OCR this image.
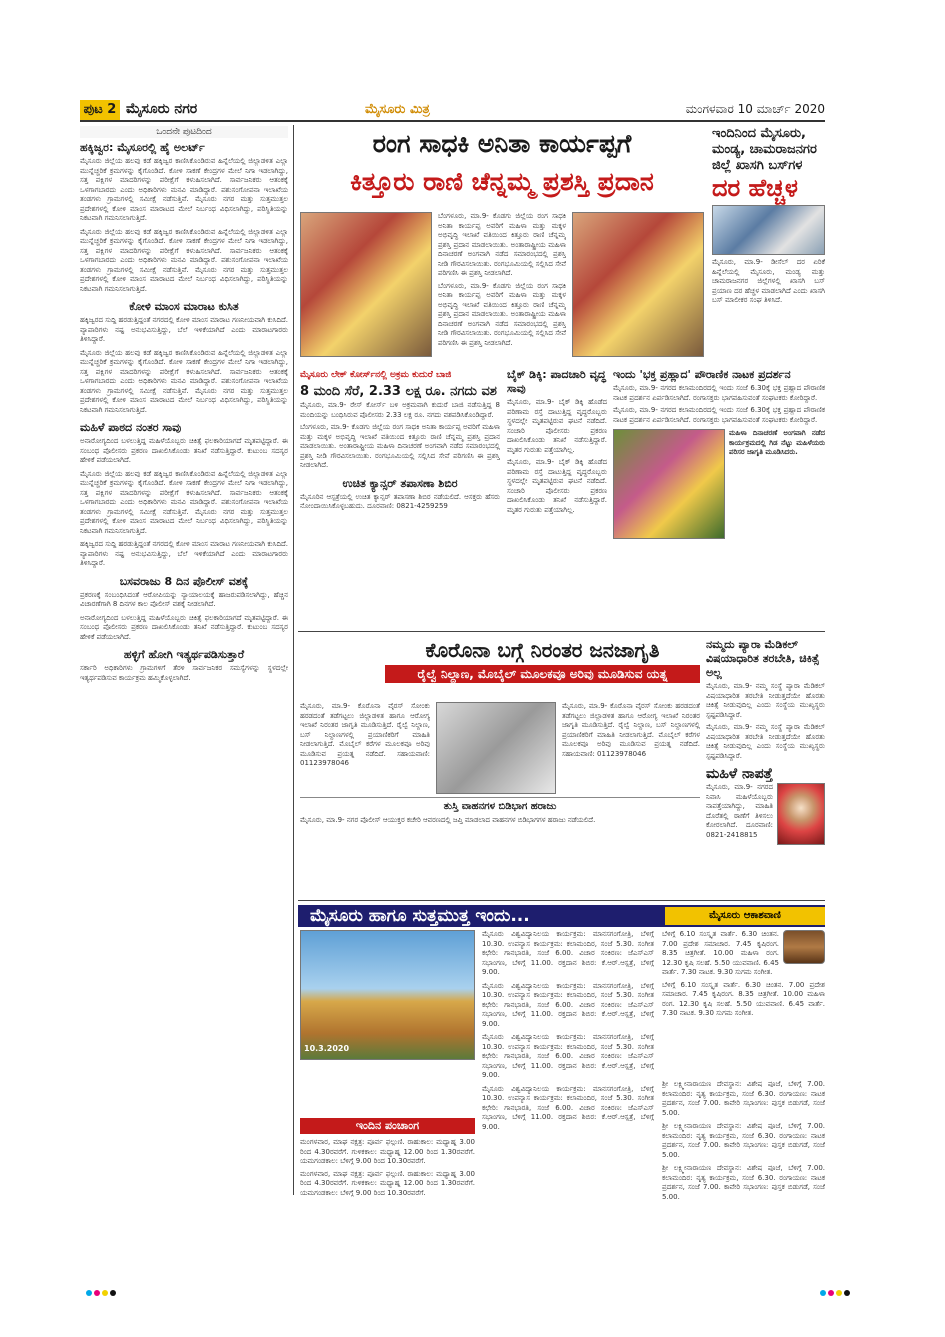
ಪುಟ 2 ಮೈಸೂರು ನಗರ	ಮೈಸೂರು ಮಿತ್ರ	ಮಂಗಳವಾರ 10 ಮಾರ್ಚ್ 2020
ಒಂದನೇ ಪುಟದಿಂದ
ಹಕ್ಕಿಜ್ವರ: ಮೈಸೂರಲ್ಲಿ ಹೈ ಅಲರ್ಟ್
ಮೈಸೂರು ಜಿಲ್ಲೆಯ ಹಲವು ಕಡೆ ಹಕ್ಕಿಜ್ವರ ಕಾಣಿಸಿಕೊಂಡಿರುವ ಹಿನ್ನೆಲೆಯಲ್ಲಿ ಜಿಲ್ಲಾಡಳಿತ ಎಲ್ಲಾ ಮುನ್ನೆಚ್ಚರಿಕೆ ಕ್ರಮಗಳನ್ನು ಕೈಗೊಂಡಿದೆ. ಕೋಳಿ ಸಾಕಣೆ ಕೇಂದ್ರಗಳ ಮೇಲೆ ನಿಗಾ ಇಡಲಾಗಿದ್ದು, ಸತ್ತ ಪಕ್ಷಿಗಳ ಮಾದರಿಗಳನ್ನು ಪರೀಕ್ಷೆಗೆ ಕಳುಹಿಸಲಾಗಿದೆ. ಸಾರ್ವಜನಿಕರು ಆತಂಕಕ್ಕೆ ಒಳಗಾಗಬಾರದು ಎಂದು ಅಧಿಕಾರಿಗಳು ಮನವಿ ಮಾಡಿದ್ದಾರೆ. ಪಶುಸಂಗೋಪನಾ ಇಲಾಖೆಯ ತಂಡಗಳು ಗ್ರಾಮಗಳಲ್ಲಿ ಸಮೀಕ್ಷೆ ನಡೆಸುತ್ತಿವೆ. ಮೈಸೂರು ನಗರ ಮತ್ತು ಸುತ್ತಮುತ್ತಲ ಪ್ರದೇಶಗಳಲ್ಲಿ ಕೋಳಿ ಮಾಂಸ ಮಾರಾಟದ ಮೇಲೆ ನಿರ್ಬಂಧ ವಿಧಿಸಲಾಗಿದ್ದು, ಪರಿಸ್ಥಿತಿಯನ್ನು ನಿಕಟವಾಗಿ ಗಮನಿಸಲಾಗುತ್ತಿದೆ.
ಮೈಸೂರು ಜಿಲ್ಲೆಯ ಹಲವು ಕಡೆ ಹಕ್ಕಿಜ್ವರ ಕಾಣಿಸಿಕೊಂಡಿರುವ ಹಿನ್ನೆಲೆಯಲ್ಲಿ ಜಿಲ್ಲಾಡಳಿತ ಎಲ್ಲಾ ಮುನ್ನೆಚ್ಚರಿಕೆ ಕ್ರಮಗಳನ್ನು ಕೈಗೊಂಡಿದೆ. ಕೋಳಿ ಸಾಕಣೆ ಕೇಂದ್ರಗಳ ಮೇಲೆ ನಿಗಾ ಇಡಲಾಗಿದ್ದು, ಸತ್ತ ಪಕ್ಷಿಗಳ ಮಾದರಿಗಳನ್ನು ಪರೀಕ್ಷೆಗೆ ಕಳುಹಿಸಲಾಗಿದೆ. ಸಾರ್ವಜನಿಕರು ಆತಂಕಕ್ಕೆ ಒಳಗಾಗಬಾರದು ಎಂದು ಅಧಿಕಾರಿಗಳು ಮನವಿ ಮಾಡಿದ್ದಾರೆ. ಪಶುಸಂಗೋಪನಾ ಇಲಾಖೆಯ ತಂಡಗಳು ಗ್ರಾಮಗಳಲ್ಲಿ ಸಮೀಕ್ಷೆ ನಡೆಸುತ್ತಿವೆ. ಮೈಸೂರು ನಗರ ಮತ್ತು ಸುತ್ತಮುತ್ತಲ ಪ್ರದೇಶಗಳಲ್ಲಿ ಕೋಳಿ ಮಾಂಸ ಮಾರಾಟದ ಮೇಲೆ ನಿರ್ಬಂಧ ವಿಧಿಸಲಾಗಿದ್ದು, ಪರಿಸ್ಥಿತಿಯನ್ನು ನಿಕಟವಾಗಿ ಗಮನಿಸಲಾಗುತ್ತಿದೆ.
ಕೋಳಿ ಮಾಂಸ ಮಾರಾಟ ಕುಸಿತ
ಹಕ್ಕಿಜ್ವರದ ಸುದ್ದಿ ಹರಡುತ್ತಿದ್ದಂತೆ ನಗರದಲ್ಲಿ ಕೋಳಿ ಮಾಂಸ ಮಾರಾಟ ಗಣನೀಯವಾಗಿ ಕುಸಿದಿದೆ. ವ್ಯಾಪಾರಿಗಳು ನಷ್ಟ ಅನುಭವಿಸುತ್ತಿದ್ದು, ಬೆಲೆ ಇಳಿಕೆಯಾಗಿದೆ ಎಂದು ಮಾರಾಟಗಾರರು ತಿಳಿಸಿದ್ದಾರೆ.
ಮೈಸೂರು ಜಿಲ್ಲೆಯ ಹಲವು ಕಡೆ ಹಕ್ಕಿಜ್ವರ ಕಾಣಿಸಿಕೊಂಡಿರುವ ಹಿನ್ನೆಲೆಯಲ್ಲಿ ಜಿಲ್ಲಾಡಳಿತ ಎಲ್ಲಾ ಮುನ್ನೆಚ್ಚರಿಕೆ ಕ್ರಮಗಳನ್ನು ಕೈಗೊಂಡಿದೆ. ಕೋಳಿ ಸಾಕಣೆ ಕೇಂದ್ರಗಳ ಮೇಲೆ ನಿಗಾ ಇಡಲಾಗಿದ್ದು, ಸತ್ತ ಪಕ್ಷಿಗಳ ಮಾದರಿಗಳನ್ನು ಪರೀಕ್ಷೆಗೆ ಕಳುಹಿಸಲಾಗಿದೆ. ಸಾರ್ವಜನಿಕರು ಆತಂಕಕ್ಕೆ ಒಳಗಾಗಬಾರದು ಎಂದು ಅಧಿಕಾರಿಗಳು ಮನವಿ ಮಾಡಿದ್ದಾರೆ. ಪಶುಸಂಗೋಪನಾ ಇಲಾಖೆಯ ತಂಡಗಳು ಗ್ರಾಮಗಳಲ್ಲಿ ಸಮೀಕ್ಷೆ ನಡೆಸುತ್ತಿವೆ. ಮೈಸೂರು ನಗರ ಮತ್ತು ಸುತ್ತಮುತ್ತಲ ಪ್ರದೇಶಗಳಲ್ಲಿ ಕೋಳಿ ಮಾಂಸ ಮಾರಾಟದ ಮೇಲೆ ನಿರ್ಬಂಧ ವಿಧಿಸಲಾಗಿದ್ದು, ಪರಿಸ್ಥಿತಿಯನ್ನು ನಿಕಟವಾಗಿ ಗಮನಿಸಲಾಗುತ್ತಿದೆ.
ಮಹಿಳೆ ಪಾಠದ ನಂತರ ಸಾವು
ಅನಾರೋಗ್ಯದಿಂದ ಬಳಲುತ್ತಿದ್ದ ಮಹಿಳೆಯೊಬ್ಬರು ಚಿಕಿತ್ಸೆ ಫಲಕಾರಿಯಾಗದೆ ಮೃತಪಟ್ಟಿದ್ದಾರೆ. ಈ ಸಂಬಂಧ ಪೊಲೀಸರು ಪ್ರಕರಣ ದಾಖಲಿಸಿಕೊಂಡು ತನಿಖೆ ನಡೆಸುತ್ತಿದ್ದಾರೆ. ಕುಟುಂಬ ಸದಸ್ಯರ ಹೇಳಿಕೆ ಪಡೆಯಲಾಗಿದೆ.
ಮೈಸೂರು ಜಿಲ್ಲೆಯ ಹಲವು ಕಡೆ ಹಕ್ಕಿಜ್ವರ ಕಾಣಿಸಿಕೊಂಡಿರುವ ಹಿನ್ನೆಲೆಯಲ್ಲಿ ಜಿಲ್ಲಾಡಳಿತ ಎಲ್ಲಾ ಮುನ್ನೆಚ್ಚರಿಕೆ ಕ್ರಮಗಳನ್ನು ಕೈಗೊಂಡಿದೆ. ಕೋಳಿ ಸಾಕಣೆ ಕೇಂದ್ರಗಳ ಮೇಲೆ ನಿಗಾ ಇಡಲಾಗಿದ್ದು, ಸತ್ತ ಪಕ್ಷಿಗಳ ಮಾದರಿಗಳನ್ನು ಪರೀಕ್ಷೆಗೆ ಕಳುಹಿಸಲಾಗಿದೆ. ಸಾರ್ವಜನಿಕರು ಆತಂಕಕ್ಕೆ ಒಳಗಾಗಬಾರದು ಎಂದು ಅಧಿಕಾರಿಗಳು ಮನವಿ ಮಾಡಿದ್ದಾರೆ. ಪಶುಸಂಗೋಪನಾ ಇಲಾಖೆಯ ತಂಡಗಳು ಗ್ರಾಮಗಳಲ್ಲಿ ಸಮೀಕ್ಷೆ ನಡೆಸುತ್ತಿವೆ. ಮೈಸೂರು ನಗರ ಮತ್ತು ಸುತ್ತಮುತ್ತಲ ಪ್ರದೇಶಗಳಲ್ಲಿ ಕೋಳಿ ಮಾಂಸ ಮಾರಾಟದ ಮೇಲೆ ನಿರ್ಬಂಧ ವಿಧಿಸಲಾಗಿದ್ದು, ಪರಿಸ್ಥಿತಿಯನ್ನು ನಿಕಟವಾಗಿ ಗಮನಿಸಲಾಗುತ್ತಿದೆ.
ಹಕ್ಕಿಜ್ವರದ ಸುದ್ದಿ ಹರಡುತ್ತಿದ್ದಂತೆ ನಗರದಲ್ಲಿ ಕೋಳಿ ಮಾಂಸ ಮಾರಾಟ ಗಣನೀಯವಾಗಿ ಕುಸಿದಿದೆ. ವ್ಯಾಪಾರಿಗಳು ನಷ್ಟ ಅನುಭವಿಸುತ್ತಿದ್ದು, ಬೆಲೆ ಇಳಿಕೆಯಾಗಿದೆ ಎಂದು ಮಾರಾಟಗಾರರು ತಿಳಿಸಿದ್ದಾರೆ.
ಬಸವರಾಜು 8 ದಿನ ಪೊಲೀಸ್ ವಶಕ್ಕೆ
ಪ್ರಕರಣಕ್ಕೆ ಸಂಬಂಧಿಸಿದಂತೆ ಆರೋಪಿಯನ್ನು ನ್ಯಾಯಾಲಯಕ್ಕೆ ಹಾಜರುಪಡಿಸಲಾಗಿದ್ದು, ಹೆಚ್ಚಿನ ವಿಚಾರಣೆಗಾಗಿ 8 ದಿನಗಳ ಕಾಲ ಪೊಲೀಸ್ ವಶಕ್ಕೆ ನೀಡಲಾಗಿದೆ.
ಅನಾರೋಗ್ಯದಿಂದ ಬಳಲುತ್ತಿದ್ದ ಮಹಿಳೆಯೊಬ್ಬರು ಚಿಕಿತ್ಸೆ ಫಲಕಾರಿಯಾಗದೆ ಮೃತಪಟ್ಟಿದ್ದಾರೆ. ಈ ಸಂಬಂಧ ಪೊಲೀಸರು ಪ್ರಕರಣ ದಾಖಲಿಸಿಕೊಂಡು ತನಿಖೆ ನಡೆಸುತ್ತಿದ್ದಾರೆ. ಕುಟುಂಬ ಸದಸ್ಯರ ಹೇಳಿಕೆ ಪಡೆಯಲಾಗಿದೆ.
ಹಳ್ಳಿಗೆ ಹೋಗಿ ಇತ್ಯರ್ಥಪಡಿಸುತ್ತಾರೆ
ಸರ್ಕಾರಿ ಅಧಿಕಾರಿಗಳು ಗ್ರಾಮಗಳಿಗೆ ತೆರಳಿ ಸಾರ್ವಜನಿಕರ ಸಮಸ್ಯೆಗಳನ್ನು ಸ್ಥಳದಲ್ಲೇ ಇತ್ಯರ್ಥಪಡಿಸುವ ಕಾರ್ಯಕ್ರಮ ಹಮ್ಮಿಕೊಳ್ಳಲಾಗಿದೆ.
ರಂಗ ಸಾಧಕಿ ಅನಿತಾ ಕಾರ್ಯಪ್ಪಗೆ
ಕಿತ್ತೂರು ರಾಣಿ ಚೆನ್ನಮ್ಮ ಪ್ರಶಸ್ತಿ ಪ್ರದಾನ
ಬೆಂಗಳೂರು, ಮಾ.9- ಕೊಡಗು ಜಿಲ್ಲೆಯ ರಂಗ ಸಾಧಕಿ ಅನಿತಾ ಕಾರ್ಯಪ್ಪ ಅವರಿಗೆ ಮಹಿಳಾ ಮತ್ತು ಮಕ್ಕಳ ಅಭಿವೃದ್ಧಿ ಇಲಾಖೆ ವತಿಯಿಂದ ಕಿತ್ತೂರು ರಾಣಿ ಚೆನ್ನಮ್ಮ ಪ್ರಶಸ್ತಿ ಪ್ರದಾನ ಮಾಡಲಾಯಿತು. ಅಂತಾರಾಷ್ಟ್ರೀಯ ಮಹಿಳಾ ದಿನಾಚರಣೆ ಅಂಗವಾಗಿ ನಡೆದ ಸಮಾರಂಭದಲ್ಲಿ ಪ್ರಶಸ್ತಿ ನೀಡಿ ಗೌರವಿಸಲಾಯಿತು. ರಂಗಭೂಮಿಯಲ್ಲಿ ಸಲ್ಲಿಸಿದ ಸೇವೆ ಪರಿಗಣಿಸಿ ಈ ಪ್ರಶಸ್ತಿ ನೀಡಲಾಗಿದೆ.
ಬೆಂಗಳೂರು, ಮಾ.9- ಕೊಡಗು ಜಿಲ್ಲೆಯ ರಂಗ ಸಾಧಕಿ ಅನಿತಾ ಕಾರ್ಯಪ್ಪ ಅವರಿಗೆ ಮಹಿಳಾ ಮತ್ತು ಮಕ್ಕಳ ಅಭಿವೃದ್ಧಿ ಇಲಾಖೆ ವತಿಯಿಂದ ಕಿತ್ತೂರು ರಾಣಿ ಚೆನ್ನಮ್ಮ ಪ್ರಶಸ್ತಿ ಪ್ರದಾನ ಮಾಡಲಾಯಿತು. ಅಂತಾರಾಷ್ಟ್ರೀಯ ಮಹಿಳಾ ದಿನಾಚರಣೆ ಅಂಗವಾಗಿ ನಡೆದ ಸಮಾರಂಭದಲ್ಲಿ ಪ್ರಶಸ್ತಿ ನೀಡಿ ಗೌರವಿಸಲಾಯಿತು. ರಂಗಭೂಮಿಯಲ್ಲಿ ಸಲ್ಲಿಸಿದ ಸೇವೆ ಪರಿಗಣಿಸಿ ಈ ಪ್ರಶಸ್ತಿ ನೀಡಲಾಗಿದೆ.
ಇಂದಿನಿಂದ ಮೈಸೂರು, ಮಂಡ್ಯ, ಚಾಮರಾಜನಗರ ಜಿಲ್ಲೆ ಖಾಸಗಿ ಬಸ್‌ಗಳ
ದರ ಹೆಚ್ಚಳ
ಮೈಸೂರು, ಮಾ.9- ಡೀಸೆಲ್ ದರ ಏರಿಕೆ ಹಿನ್ನೆಲೆಯಲ್ಲಿ ಮೈಸೂರು, ಮಂಡ್ಯ ಮತ್ತು ಚಾಮರಾಜನಗರ ಜಿಲ್ಲೆಗಳಲ್ಲಿ ಖಾಸಗಿ ಬಸ್ ಪ್ರಯಾಣ ದರ ಹೆಚ್ಚಳ ಮಾಡಲಾಗಿದೆ ಎಂದು ಖಾಸಗಿ ಬಸ್ ಮಾಲೀಕರ ಸಂಘ ತಿಳಿಸಿದೆ.
ಮೈಸೂರು ಲೇಕ್ ಕೋರ್ಸ್‌ನಲ್ಲಿ ಅಕ್ರಮ ಕುದುರೆ ಬಾಜಿ
8 ಮಂದಿ ಸೆರೆ, 2.33 ಲಕ್ಷ ರೂ. ನಗದು ವಶ
ಮೈಸೂರು, ಮಾ.9- ರೇಸ್ ಕೋರ್ಸ್ ಬಳಿ ಅಕ್ರಮವಾಗಿ ಕುದುರೆ ಬಾಜಿ ನಡೆಸುತ್ತಿದ್ದ 8 ಮಂದಿಯನ್ನು ಬಂಧಿಸಿರುವ ಪೊಲೀಸರು 2.33 ಲಕ್ಷ ರೂ. ನಗದು ವಶಪಡಿಸಿಕೊಂಡಿದ್ದಾರೆ.
ಬೆಂಗಳೂರು, ಮಾ.9- ಕೊಡಗು ಜಿಲ್ಲೆಯ ರಂಗ ಸಾಧಕಿ ಅನಿತಾ ಕಾರ್ಯಪ್ಪ ಅವರಿಗೆ ಮಹಿಳಾ ಮತ್ತು ಮಕ್ಕಳ ಅಭಿವೃದ್ಧಿ ಇಲಾಖೆ ವತಿಯಿಂದ ಕಿತ್ತೂರು ರಾಣಿ ಚೆನ್ನಮ್ಮ ಪ್ರಶಸ್ತಿ ಪ್ರದಾನ ಮಾಡಲಾಯಿತು. ಅಂತಾರಾಷ್ಟ್ರೀಯ ಮಹಿಳಾ ದಿನಾಚರಣೆ ಅಂಗವಾಗಿ ನಡೆದ ಸಮಾರಂಭದಲ್ಲಿ ಪ್ರಶಸ್ತಿ ನೀಡಿ ಗೌರವಿಸಲಾಯಿತು. ರಂಗಭೂಮಿಯಲ್ಲಿ ಸಲ್ಲಿಸಿದ ಸೇವೆ ಪರಿಗಣಿಸಿ ಈ ಪ್ರಶಸ್ತಿ ನೀಡಲಾಗಿದೆ.
ಉಚಿತ ಕ್ಯಾನ್ಸರ್ ತಪಾಸಣಾ ಶಿಬಿರ
ಮೈಸೂರಿನ ಆಸ್ಪತ್ರೆಯಲ್ಲಿ ಉಚಿತ ಕ್ಯಾನ್ಸರ್ ತಪಾಸಣಾ ಶಿಬಿರ ನಡೆಯಲಿದೆ. ಆಸಕ್ತರು ಹೆಸರು ನೋಂದಾಯಿಸಿಕೊಳ್ಳಬಹುದು. ದೂರವಾಣಿ: 0821-4259259
ಬೈಕ್ ಡಿಕ್ಕಿ: ಪಾದಚಾರಿ ವೃದ್ಧ ಸಾವು
ಮೈಸೂರು, ಮಾ.9- ಬೈಕ್ ಡಿಕ್ಕಿ ಹೊಡೆದ ಪರಿಣಾಮ ರಸ್ತೆ ದಾಟುತ್ತಿದ್ದ ವೃದ್ಧರೊಬ್ಬರು ಸ್ಥಳದಲ್ಲೇ ಮೃತಪಟ್ಟಿರುವ ಘಟನೆ ನಡೆದಿದೆ. ಸಂಚಾರಿ ಪೊಲೀಸರು ಪ್ರಕರಣ ದಾಖಲಿಸಿಕೊಂಡು ತನಿಖೆ ನಡೆಸುತ್ತಿದ್ದಾರೆ. ಮೃತರ ಗುರುತು ಪತ್ತೆಯಾಗಿಲ್ಲ.
ಮೈಸೂರು, ಮಾ.9- ಬೈಕ್ ಡಿಕ್ಕಿ ಹೊಡೆದ ಪರಿಣಾಮ ರಸ್ತೆ ದಾಟುತ್ತಿದ್ದ ವೃದ್ಧರೊಬ್ಬರು ಸ್ಥಳದಲ್ಲೇ ಮೃತಪಟ್ಟಿರುವ ಘಟನೆ ನಡೆದಿದೆ. ಸಂಚಾರಿ ಪೊಲೀಸರು ಪ್ರಕರಣ ದಾಖಲಿಸಿಕೊಂಡು ತನಿಖೆ ನಡೆಸುತ್ತಿದ್ದಾರೆ. ಮೃತರ ಗುರುತು ಪತ್ತೆಯಾಗಿಲ್ಲ.
ಇಂದು 'ಭಕ್ತ ಪ್ರಹ್ಲಾದ' ಪೌರಾಣಿಕ ನಾಟಕ ಪ್ರದರ್ಶನ
ಮೈಸೂರು, ಮಾ.9- ನಗರದ ಕಲಾಮಂದಿರದಲ್ಲಿ ಇಂದು ಸಂಜೆ 6.30ಕ್ಕೆ ಭಕ್ತ ಪ್ರಹ್ಲಾದ ಪೌರಾಣಿಕ ನಾಟಕ ಪ್ರದರ್ಶನ ಏರ್ಪಡಿಸಲಾಗಿದೆ. ರಂಗಾಸಕ್ತರು ಭಾಗವಹಿಸುವಂತೆ ಸಂಘಟಕರು ಕೋರಿದ್ದಾರೆ.
ಮೈಸೂರು, ಮಾ.9- ನಗರದ ಕಲಾಮಂದಿರದಲ್ಲಿ ಇಂದು ಸಂಜೆ 6.30ಕ್ಕೆ ಭಕ್ತ ಪ್ರಹ್ಲಾದ ಪೌರಾಣಿಕ ನಾಟಕ ಪ್ರದರ್ಶನ ಏರ್ಪಡಿಸಲಾಗಿದೆ. ರಂಗಾಸಕ್ತರು ಭಾಗವಹಿಸುವಂತೆ ಸಂಘಟಕರು ಕೋರಿದ್ದಾರೆ.
ಮಹಿಳಾ ದಿನಾಚರಣೆ ಅಂಗವಾಗಿ ನಡೆದ ಕಾರ್ಯಕ್ರಮದಲ್ಲಿ ಗಿಡ ನೆಟ್ಟು ಮಹಿಳೆಯರು ಪರಿಸರ ಜಾಗೃತಿ ಮೂಡಿಸಿದರು.
ಕೊರೊನಾ ಬಗ್ಗೆ ನಿರಂತರ ಜನಜಾಗೃತಿ
ರೈಲ್ವೆ ನಿಲ್ದಾಣ, ಮೊಬೈಲ್ ಮೂಲಕವೂ ಅರಿವು ಮೂಡಿಸುವ ಯತ್ನ
ಮೈಸೂರು, ಮಾ.9- ಕೊರೊನಾ ವೈರಸ್ ಸೋಂಕು ಹರಡದಂತೆ ತಡೆಗಟ್ಟಲು ಜಿಲ್ಲಾಡಳಿತ ಹಾಗೂ ಆರೋಗ್ಯ ಇಲಾಖೆ ನಿರಂತರ ಜಾಗೃತಿ ಮೂಡಿಸುತ್ತಿದೆ. ರೈಲ್ವೆ ನಿಲ್ದಾಣ, ಬಸ್ ನಿಲ್ದಾಣಗಳಲ್ಲಿ ಪ್ರಯಾಣಿಕರಿಗೆ ಮಾಹಿತಿ ನೀಡಲಾಗುತ್ತಿದೆ. ಮೊಬೈಲ್ ಕರೆಗಳ ಮೂಲಕವೂ ಅರಿವು ಮೂಡಿಸುವ ಪ್ರಯತ್ನ ನಡೆದಿದೆ. ಸಹಾಯವಾಣಿ: 01123978046
ಮೈಸೂರು, ಮಾ.9- ಕೊರೊನಾ ವೈರಸ್ ಸೋಂಕು ಹರಡದಂತೆ ತಡೆಗಟ್ಟಲು ಜಿಲ್ಲಾಡಳಿತ ಹಾಗೂ ಆರೋಗ್ಯ ಇಲಾಖೆ ನಿರಂತರ ಜಾಗೃತಿ ಮೂಡಿಸುತ್ತಿದೆ. ರೈಲ್ವೆ ನಿಲ್ದಾಣ, ಬಸ್ ನಿಲ್ದಾಣಗಳಲ್ಲಿ ಪ್ರಯಾಣಿಕರಿಗೆ ಮಾಹಿತಿ ನೀಡಲಾಗುತ್ತಿದೆ. ಮೊಬೈಲ್ ಕರೆಗಳ ಮೂಲಕವೂ ಅರಿವು ಮೂಡಿಸುವ ಪ್ರಯತ್ನ ನಡೆದಿದೆ. ಸಹಾಯವಾಣಿ: 01123978046
ತುಸ್ತಿ ವಾಹನಗಳ ಬಿಡಿಭಾಗ ಹರಾಜು
ಮೈಸೂರು, ಮಾ.9- ನಗರ ಪೊಲೀಸ್ ಆಯುಕ್ತರ ಕಚೇರಿ ಆವರಣದಲ್ಲಿ ಜಪ್ತಿ ಮಾಡಲಾದ ವಾಹನಗಳ ಬಿಡಿಭಾಗಗಳ ಹರಾಜು ನಡೆಯಲಿದೆ.
ನಮ್ಮದು ಪ್ಯಾರಾ ಮೆಡಿಕಲ್ ವಿಷಯಾಧಾರಿತ ತರಬೇತಿ, ಚಿಕಿತ್ಸೆ ಅಲ್ಲ
ಮೈಸೂರು, ಮಾ.9- ನಮ್ಮ ಸಂಸ್ಥೆ ಪ್ಯಾರಾ ಮೆಡಿಕಲ್ ವಿಷಯಾಧಾರಿತ ತರಬೇತಿ ನೀಡುತ್ತದೆಯೇ ಹೊರತು ಚಿಕಿತ್ಸೆ ನೀಡುವುದಿಲ್ಲ ಎಂದು ಸಂಸ್ಥೆಯ ಮುಖ್ಯಸ್ಥರು ಸ್ಪಷ್ಟಪಡಿಸಿದ್ದಾರೆ.
ಮೈಸೂರು, ಮಾ.9- ನಮ್ಮ ಸಂಸ್ಥೆ ಪ್ಯಾರಾ ಮೆಡಿಕಲ್ ವಿಷಯಾಧಾರಿತ ತರಬೇತಿ ನೀಡುತ್ತದೆಯೇ ಹೊರತು ಚಿಕಿತ್ಸೆ ನೀಡುವುದಿಲ್ಲ ಎಂದು ಸಂಸ್ಥೆಯ ಮುಖ್ಯಸ್ಥರು ಸ್ಪಷ್ಟಪಡಿಸಿದ್ದಾರೆ.
ಮಹಿಳೆ ನಾಪತ್ತೆ
ಮೈಸೂರು, ಮಾ.9- ನಗರದ ನಿವಾಸಿ ಮಹಿಳೆಯೊಬ್ಬರು ನಾಪತ್ತೆಯಾಗಿದ್ದು, ಮಾಹಿತಿ ದೊರೆತಲ್ಲಿ ಠಾಣೆಗೆ ತಿಳಿಸಲು ಕೋರಲಾಗಿದೆ. ದೂರವಾಣಿ: 0821-2418815
ಮೈಸೂರು ಹಾಗೂ ಸುತ್ತಮುತ್ತ ಇಂದು...	ಮೈಸೂರು ಆಕಾಶವಾಣಿ
10.3.2020
ಇಂದಿನ ಪಂಚಾಂಗ
ಮಂಗಳವಾರ, ಮಾಘ ನಕ್ಷತ್ರ: ಪೂರ್ವ ಫಲ್ಗುಣಿ. ರಾಹುಕಾಲ: ಮಧ್ಯಾಹ್ನ 3.00 ರಿಂದ 4.30ರವರೆಗೆ. ಗುಳಿಕಕಾಲ: ಮಧ್ಯಾಹ್ನ 12.00 ರಿಂದ 1.30ರವರೆಗೆ. ಯಮಗಂಡಕಾಲ: ಬೆಳಿಗ್ಗೆ 9.00 ರಿಂದ 10.30ರವರೆಗೆ.
ಮಂಗಳವಾರ, ಮಾಘ ನಕ್ಷತ್ರ: ಪೂರ್ವ ಫಲ್ಗುಣಿ. ರಾಹುಕಾಲ: ಮಧ್ಯಾಹ್ನ 3.00 ರಿಂದ 4.30ರವರೆಗೆ. ಗುಳಿಕಕಾಲ: ಮಧ್ಯಾಹ್ನ 12.00 ರಿಂದ 1.30ರವರೆಗೆ. ಯಮಗಂಡಕಾಲ: ಬೆಳಿಗ್ಗೆ 9.00 ರಿಂದ 10.30ರವರೆಗೆ.
ಮೈಸೂರು ವಿಶ್ವವಿದ್ಯಾನಿಲಯ ಕಾರ್ಯಕ್ರಮ: ಮಾನಸಗಂಗೋತ್ರಿ, ಬೆಳಿಗ್ಗೆ 10.30. ಉಪನ್ಯಾಸ ಕಾರ್ಯಕ್ರಮ: ಕಲಾಮಂದಿರ, ಸಂಜೆ 5.30. ಸಂಗೀತ ಕಛೇರಿ: ಗಾನಭಾರತಿ, ಸಂಜೆ 6.00. ವಿಚಾರ ಸಂಕಿರಣ: ಜೆಎಸ್ಎಸ್ ಸಭಾಂಗಣ, ಬೆಳಿಗ್ಗೆ 11.00. ರಕ್ತದಾನ ಶಿಬಿರ: ಕೆ.ಆರ್.ಆಸ್ಪತ್ರೆ, ಬೆಳಿಗ್ಗೆ 9.00.
ಮೈಸೂರು ವಿಶ್ವವಿದ್ಯಾನಿಲಯ ಕಾರ್ಯಕ್ರಮ: ಮಾನಸಗಂಗೋತ್ರಿ, ಬೆಳಿಗ್ಗೆ 10.30. ಉಪನ್ಯಾಸ ಕಾರ್ಯಕ್ರಮ: ಕಲಾಮಂದಿರ, ಸಂಜೆ 5.30. ಸಂಗೀತ ಕಛೇರಿ: ಗಾನಭಾರತಿ, ಸಂಜೆ 6.00. ವಿಚಾರ ಸಂಕಿರಣ: ಜೆಎಸ್ಎಸ್ ಸಭಾಂಗಣ, ಬೆಳಿಗ್ಗೆ 11.00. ರಕ್ತದಾನ ಶಿಬಿರ: ಕೆ.ಆರ್.ಆಸ್ಪತ್ರೆ, ಬೆಳಿಗ್ಗೆ 9.00.
ಮೈಸೂರು ವಿಶ್ವವಿದ್ಯಾನಿಲಯ ಕಾರ್ಯಕ್ರಮ: ಮಾನಸಗಂಗೋತ್ರಿ, ಬೆಳಿಗ್ಗೆ 10.30. ಉಪನ್ಯಾಸ ಕಾರ್ಯಕ್ರಮ: ಕಲಾಮಂದಿರ, ಸಂಜೆ 5.30. ಸಂಗೀತ ಕಛೇರಿ: ಗಾನಭಾರತಿ, ಸಂಜೆ 6.00. ವಿಚಾರ ಸಂಕಿರಣ: ಜೆಎಸ್ಎಸ್ ಸಭಾಂಗಣ, ಬೆಳಿಗ್ಗೆ 11.00. ರಕ್ತದಾನ ಶಿಬಿರ: ಕೆ.ಆರ್.ಆಸ್ಪತ್ರೆ, ಬೆಳಿಗ್ಗೆ 9.00.
ಮೈಸೂರು ವಿಶ್ವವಿದ್ಯಾನಿಲಯ ಕಾರ್ಯಕ್ರಮ: ಮಾನಸಗಂಗೋತ್ರಿ, ಬೆಳಿಗ್ಗೆ 10.30. ಉಪನ್ಯಾಸ ಕಾರ್ಯಕ್ರಮ: ಕಲಾಮಂದಿರ, ಸಂಜೆ 5.30. ಸಂಗೀತ ಕಛೇರಿ: ಗಾನಭಾರತಿ, ಸಂಜೆ 6.00. ವಿಚಾರ ಸಂಕಿರಣ: ಜೆಎಸ್ಎಸ್ ಸಭಾಂಗಣ, ಬೆಳಿಗ್ಗೆ 11.00. ರಕ್ತದಾನ ಶಿಬಿರ: ಕೆ.ಆರ್.ಆಸ್ಪತ್ರೆ, ಬೆಳಿಗ್ಗೆ 9.00.
ಬೆಳಿಗ್ಗೆ 6.10 ಸಂಸ್ಕೃತ ವಾರ್ತೆ. 6.30 ಚಿಂತನ. 7.00 ಪ್ರದೇಶ ಸಮಾಚಾರ. 7.45 ಕೃಷಿರಂಗ. 8.35 ಚಿತ್ರಗೀತೆ. 10.00 ಮಹಿಳಾ ರಂಗ. 12.30 ಕೃಷಿ ಸಲಹೆ. 5.50 ಯುವವಾಣಿ. 6.45 ವಾರ್ತೆ. 7.30 ನಾಟಕ. 9.30 ಸುಗಮ ಸಂಗೀತ.
ಬೆಳಿಗ್ಗೆ 6.10 ಸಂಸ್ಕೃತ ವಾರ್ತೆ. 6.30 ಚಿಂತನ. 7.00 ಪ್ರದೇಶ ಸಮಾಚಾರ. 7.45 ಕೃಷಿರಂಗ. 8.35 ಚಿತ್ರಗೀತೆ. 10.00 ಮಹಿಳಾ ರಂಗ. 12.30 ಕೃಷಿ ಸಲಹೆ. 5.50 ಯುವವಾಣಿ. 6.45 ವಾರ್ತೆ. 7.30 ನಾಟಕ. 9.30 ಸುಗಮ ಸಂಗೀತ.
ಶ್ರೀ ಲಕ್ಷ್ಮೀನಾರಾಯಣ ದೇವಸ್ಥಾನ: ವಿಶೇಷ ಪೂಜೆ, ಬೆಳಿಗ್ಗೆ 7.00. ಕಲಾಮಂದಿರ: ನೃತ್ಯ ಕಾರ್ಯಕ್ರಮ, ಸಂಜೆ 6.30. ರಂಗಾಯಣ: ನಾಟಕ ಪ್ರದರ್ಶನ, ಸಂಜೆ 7.00. ಕಾವೇರಿ ಸಭಾಂಗಣ: ಪುಸ್ತಕ ಬಿಡುಗಡೆ, ಸಂಜೆ 5.00.
ಶ್ರೀ ಲಕ್ಷ್ಮೀನಾರಾಯಣ ದೇವಸ್ಥಾನ: ವಿಶೇಷ ಪೂಜೆ, ಬೆಳಿಗ್ಗೆ 7.00. ಕಲಾಮಂದಿರ: ನೃತ್ಯ ಕಾರ್ಯಕ್ರಮ, ಸಂಜೆ 6.30. ರಂಗಾಯಣ: ನಾಟಕ ಪ್ರದರ್ಶನ, ಸಂಜೆ 7.00. ಕಾವೇರಿ ಸಭಾಂಗಣ: ಪುಸ್ತಕ ಬಿಡುಗಡೆ, ಸಂಜೆ 5.00.
ಶ್ರೀ ಲಕ್ಷ್ಮೀನಾರಾಯಣ ದೇವಸ್ಥಾನ: ವಿಶೇಷ ಪೂಜೆ, ಬೆಳಿಗ್ಗೆ 7.00. ಕಲಾಮಂದಿರ: ನೃತ್ಯ ಕಾರ್ಯಕ್ರಮ, ಸಂಜೆ 6.30. ರಂಗಾಯಣ: ನಾಟಕ ಪ್ರದರ್ಶನ, ಸಂಜೆ 7.00. ಕಾವೇರಿ ಸಭಾಂಗಣ: ಪುಸ್ತಕ ಬಿಡುಗಡೆ, ಸಂಜೆ 5.00.
